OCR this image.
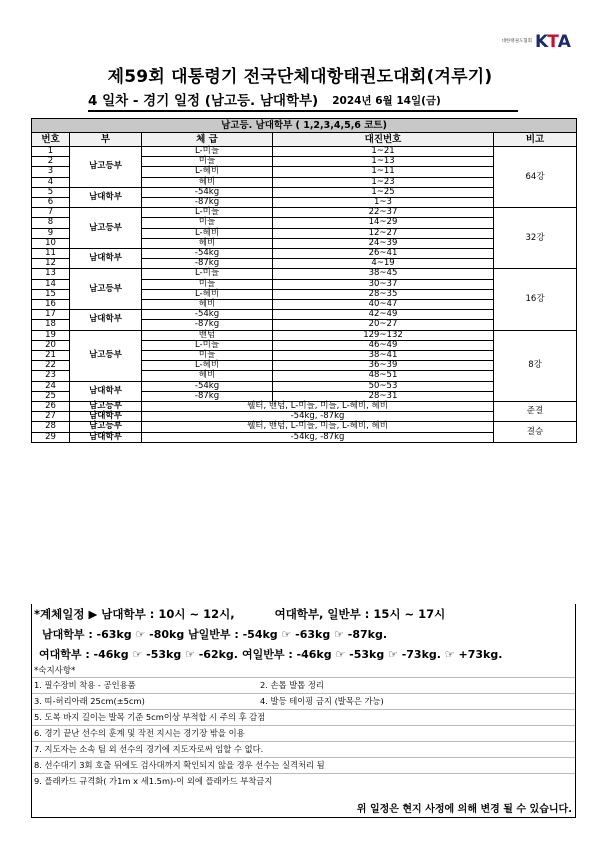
대한태권도협회 K T A
제59회 대통령기 전국단체대항태권도대회(겨루기)
4 일차 - 경기 일정 (남고등. 남대학부) 2024년 6월 14일(금)
남고등. 남대학부 ( 1,2,3,4,5,6 코트)				
번호	부	체 급	대진번호	비고
1	남고등부	L-미들	1~21	64강
2		미들	1~13	
3		L-헤비	1~11	
4		헤비	1~23	
5	남대학부	-54kg	1~25	
6		-87kg	1~3	
7	남고등부	L-미들	22~37	32강
8		미들	14~29	
9		L-헤비	12~27	
10		헤비	24~39	
11	남대학부	-54kg	26~41	
12		-87kg	4~19	
13	남고등부	L-미들	38~45	16강
14		미들	30~37	
15		L-헤비	28~35	
16		헤비	40~47	
17	남대학부	-54kg	42~49	
18		-87kg	20~27	
19	남고등부	밴텀	129~132	8강
20		L-미들	46~49	
21		미들	38~41	
22		L-헤비	36~39	
23		헤비	48~51	
24	남대학부	-54kg	50~53	
25		-87kg	28~31	
26	남고등부	웰터, 밴텀, L-미들, 미들, L-헤비, 헤비		준결
27	남대학부	-54kg, -87kg		
28	남고등부	웰터, 밴텀, L-미들, 미들, L-헤비, 헤비		결승
29	남대학부	-54kg, -87kg		
*계체일정 ▶ 남대학부 : 10시 ~ 12시,	여대학부, 일반부 : 15시 ~ 17시
남대학부 : -63kg ☞ -80kg 남일반부 : -54kg ☞ -63kg ☞ -87kg.
여대학부 : -46kg ☞ -53kg ☞ -62kg. 여일반부 : -46kg ☞ -53kg ☞ -73kg. ☞ +73kg.
*숙지사항*
1. 필수장비 착용 - 공인용품	2. 손톱 발톱 정리
3. 띠-허리아래 25cm(±5cm)	4. 발등 테이핑 금지 (발목은 가능)
5. 도복 바지 길이는 발목 기준 5cm이상 부적합 시 주의 후 감점
6. 경기 끝난 선수의 훈계 및 작전 지시는 경기장 밖을 이용
7. 지도자는 소속 팀 외 선수의 경기에 지도자로써 임할 수 없다.
8. 선수대기 3회 호출 뒤에도 검사대까지 확인되지 않을 경우 선수는 실격처리 됨
9. 플래카드 규격화( 가1m x 세1.5m)-이 외에 플래카드 부착금지
위 일정은 현지 사정에 의해 변경 될 수 있습니다.
